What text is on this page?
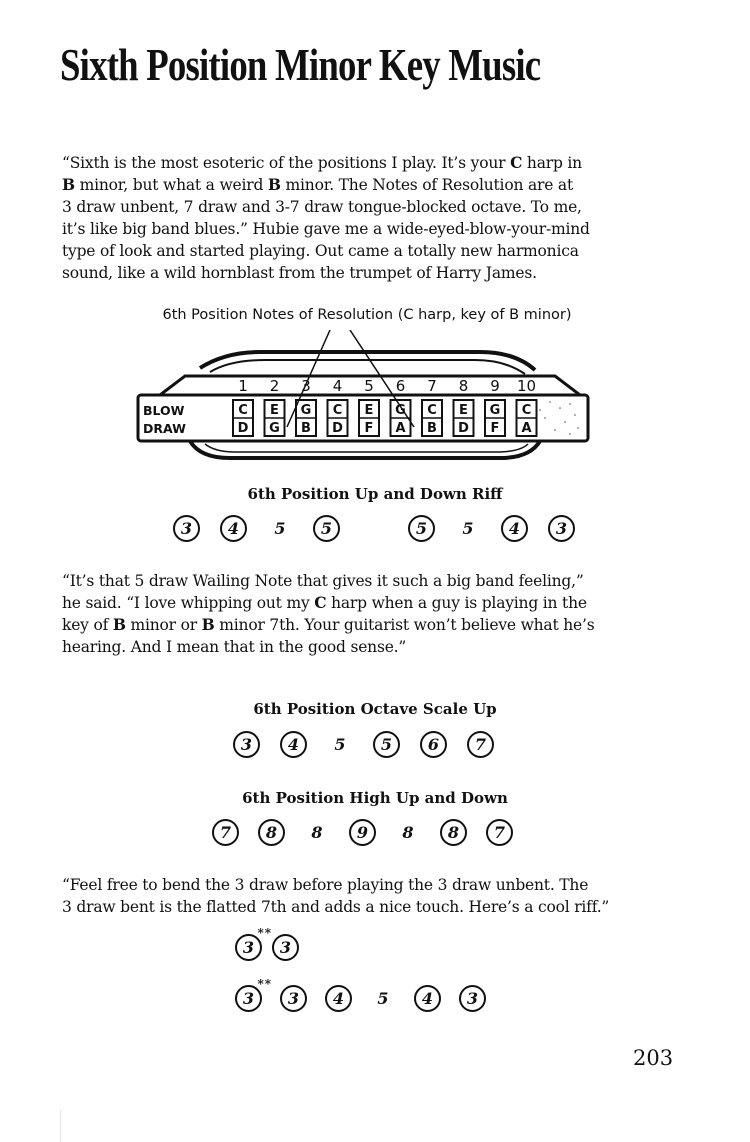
Sixth Position Minor Key Music
“Sixth is the most esoteric of the positions I play. It’s your C harp in
B minor, but what a weird B minor. The Notes of Resolution are at
3 draw unbent, 7 draw and 3-7 draw tongue-blocked octave. To me,
it’s like big band blues.” Hubie gave me a wide-eyed-blow-your-mind
type of look and started playing. Out came a totally new harmonica
sound, like a wild hornblast from the trumpet of Harry James.
6th Position Notes of Resolution (C harp, key of B minor)
1 2 3 4 5 6 7 8 9 10
BLOW
DRAW
C
D
E
G
G
B
C
D
E
F
G
A
C
B
E
D
G
F
C
A
6th Position Up and Down Riff
3 4 5 5	5 5 4 3
“It’s that 5 draw Wailing Note that gives it such a big band feeling,”
he said. “I love whipping out my C harp when a guy is playing in the
key of B minor or B minor 7th. Your guitarist won’t believe what he’s
hearing. And I mean that in the good sense.”
6th Position Octave Scale Up
3 4 5 5 6 7
6th Position High Up and Down
7 8 8 9 8 8 7
“Feel free to bend the 3 draw before playing the 3 draw unbent. The
3 draw bent is the flatted 7th and adds a nice touch. Here’s a cool riff.”
3
**
3
3
**
3 4 5 4 3
203
